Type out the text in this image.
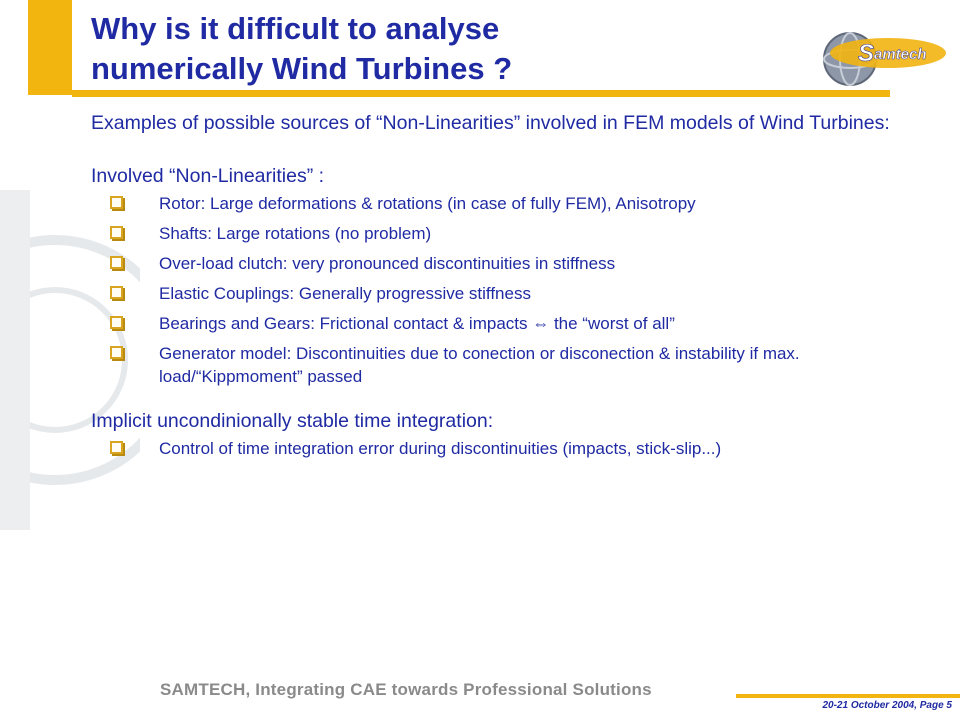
Why is it difficult to analyse
numerically Wind Turbines ?	S amtech

Examples of possible sources of “Non-Linearities” involved in FEM models of Wind Turbines:

Involved “Non-Linearities” :

Rotor: Large deformations & rotations (in case of fully FEM), Anisotropy
Shafts: Large rotations (no problem)
Over-load clutch: very pronounced discontinuities in stiffness
Elastic Couplings: Generally progressive stiffness
Bearings and Gears: Frictional contact & impacts ⇔ the “worst of all”
Generator model: Discontinuities due to conection or disconection & instability if max. load/“Kippmoment” passed

Implicit uncondinionally stable time integration:

Control of time integration error during discontinuities (impacts, stick-slip...)
SAMTECH, Integrating CAE towards Professional Solutions
20-21 October 2004, Page 5
